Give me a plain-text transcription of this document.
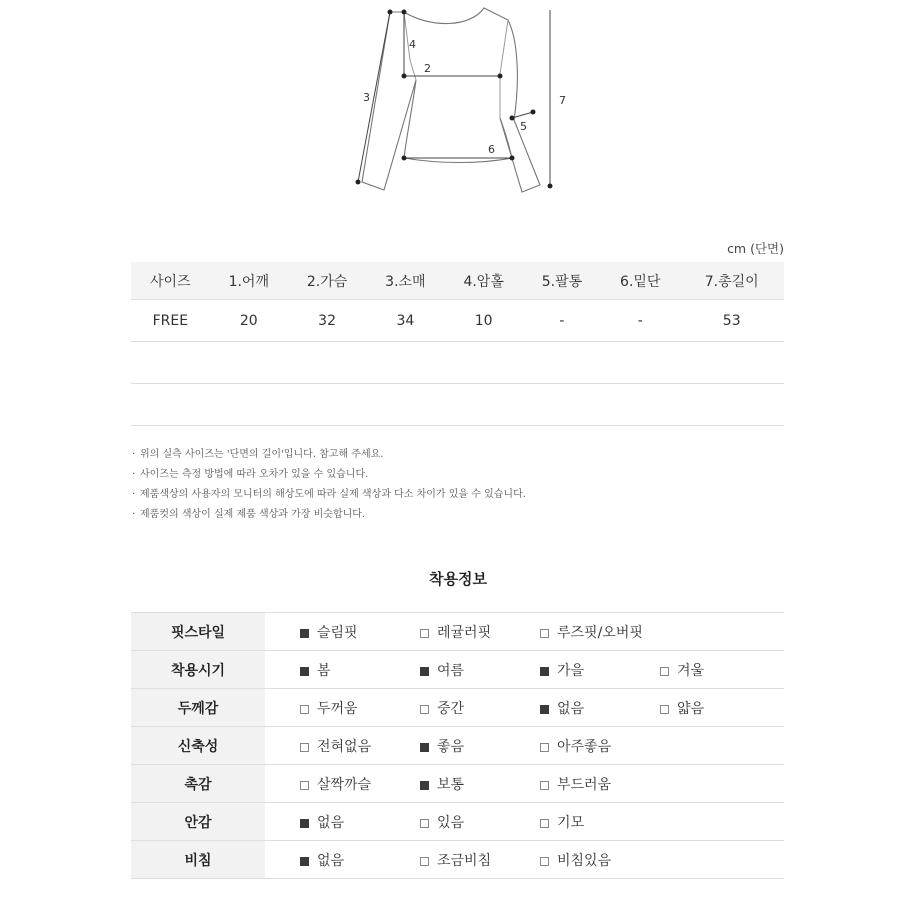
2
3
4
5
6
7
cm (단면)
사이즈	1.어깨	2.가슴	3.소매	4.암홀	5.팔통	6.밑단	7.총길이
FREE	20	32	34	10	-	-	53

· 위의 실측 사이즈는 '단면의 길이'입니다. 참고해 주세요.
· 사이즈는 측정 방법에 따라 오차가 있을 수 있습니다.
· 제품색상의 사용자의 모니터의 해상도에 따라 실제 색상과 다소 차이가 있을 수 있습니다.
· 제품컷의 색상이 실제 제품 색상과 가장 비슷합니다.
착용정보
핏스타일	슬림핏 레귤러핏 루즈핏/오버핏
착용시기	봄 여름 가을 겨울
두께감	두꺼움 중간 없음 얇음
신축성	전혀없음 좋음 아주좋음
촉감	살짝까슬 보통 부드러움
안감	없음 있음 기모
비침	없음 조금비침 비침있음
